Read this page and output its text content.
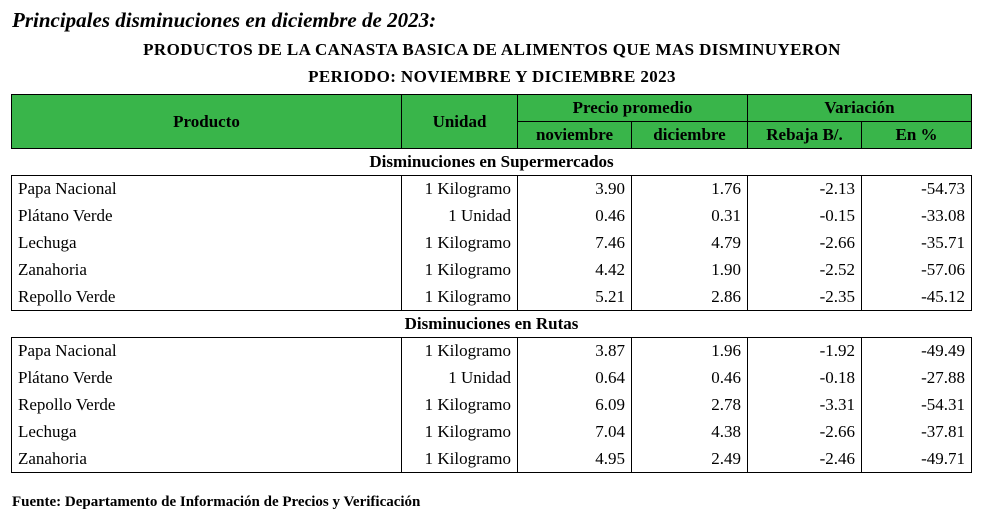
Principales disminuciones en diciembre de 2023:
PRODUCTOS DE LA CANASTA BASICA DE ALIMENTOS QUE MAS DISMINUYERON
PERIODO: NOVIEMBRE Y DICIEMBRE 2023
Producto	Unidad	Precio promedio		Variación	
		noviembre	diciembre	Rebaja B/.	En %
Disminuciones en Supermercados					
Papa Nacional	1 Kilogramo	3.90	1.76	-2.13	-54.73
Plátano Verde	1 Unidad	0.46	0.31	-0.15	-33.08
Lechuga	1 Kilogramo	7.46	4.79	-2.66	-35.71
Zanahoria	1 Kilogramo	4.42	1.90	-2.52	-57.06
Repollo Verde	1 Kilogramo	5.21	2.86	-2.35	-45.12
Disminuciones en Rutas					
Papa Nacional	1 Kilogramo	3.87	1.96	-1.92	-49.49
Plátano Verde	1 Unidad	0.64	0.46	-0.18	-27.88
Repollo Verde	1 Kilogramo	6.09	2.78	-3.31	-54.31
Lechuga	1 Kilogramo	7.04	4.38	-2.66	-37.81
Zanahoria	1 Kilogramo	4.95	2.49	-2.46	-49.71
Fuente: Departamento de Información de Precios y Verificación
